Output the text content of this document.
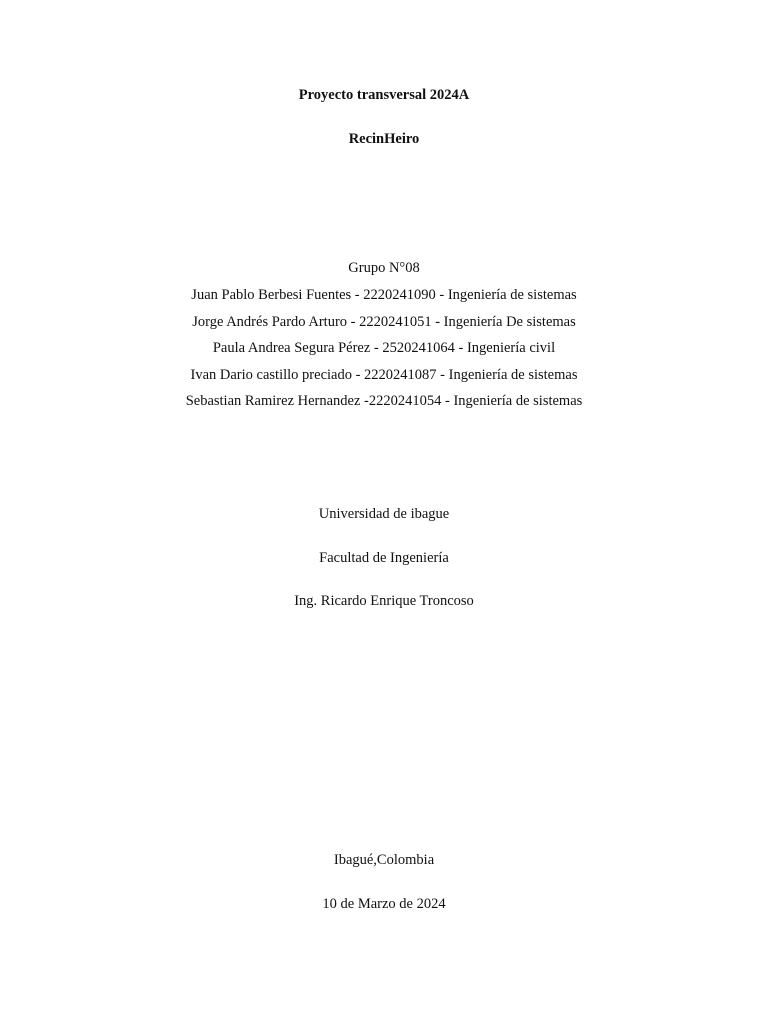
Proyecto transversal 2024A
RecinHeiro
Grupo N°08
Juan Pablo Berbesi Fuentes - 2220241090 - Ingeniería de sistemas
Jorge Andrés Pardo Arturo - 2220241051 - Ingeniería De sistemas
Paula Andrea Segura Pérez - 2520241064 - Ingeniería civil
Ivan Dario castillo preciado - 2220241087 - Ingeniería de sistemas
Sebastian Ramirez Hernandez -2220241054 - Ingeniería de sistemas
Universidad de ibague
Facultad de Ingeniería
Ing. Ricardo Enrique Troncoso
Ibagué,Colombia
10 de Marzo de 2024
